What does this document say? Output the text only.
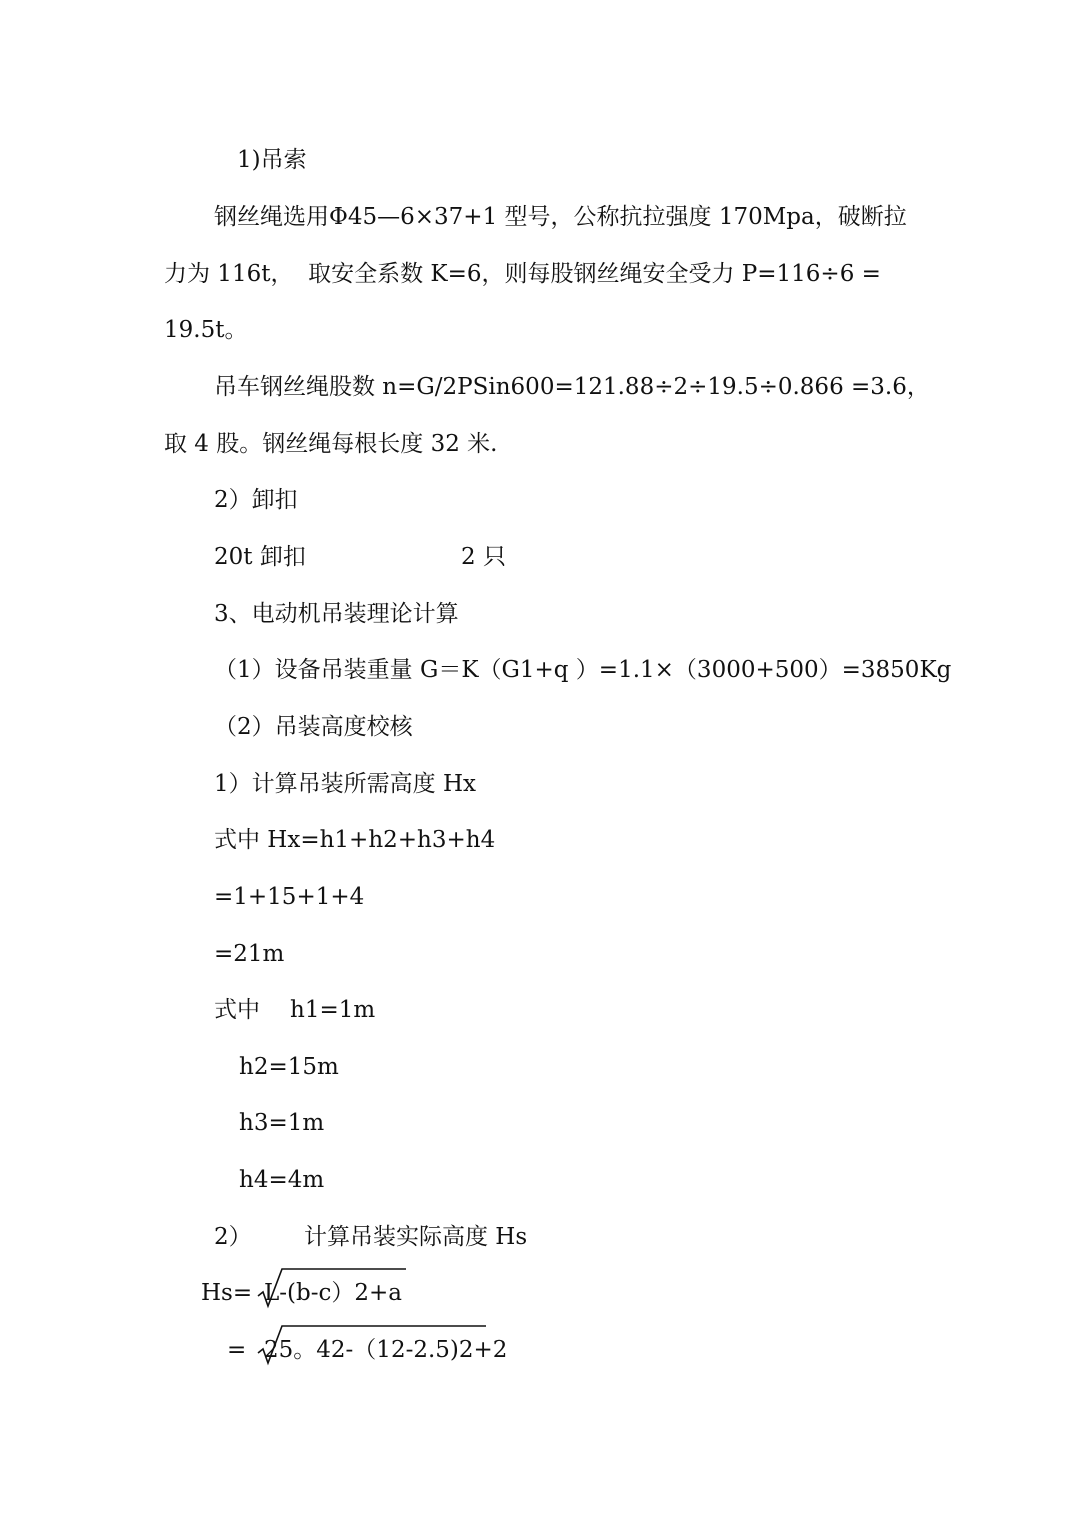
1)吊索
钢丝绳选用Φ45—6×37+1 型号，公称抗拉强度 170Mpa，破断拉
力为 116t，  取安全系数 K=6，则每股钢丝绳安全受力 P=116÷6 =
19.5t。
吊车钢丝绳股数 n=G/2PSin600=121.88÷2÷19.5÷0.866 =3.6，
取 4 股。钢丝绳每根长度 32 米.
2）卸扣
20t 卸扣	2 只
3、电动机吊装理论计算
（1）设备吊装重量 G＝K（G1+q ）=1.1×（3000+500）=3850Kg
（2）吊装高度校核
1）计算吊装所需高度 Hx
式中 Hx=h1+h2+h3+h4
=1+15+1+4
=21m
式中 h1=1m
h2=15m
h3=1m
h4=4m
2） 计算吊装实际高度 Hs
Hs= L-(b-c）2+a
= 25。42-（12-2.5)2+2
